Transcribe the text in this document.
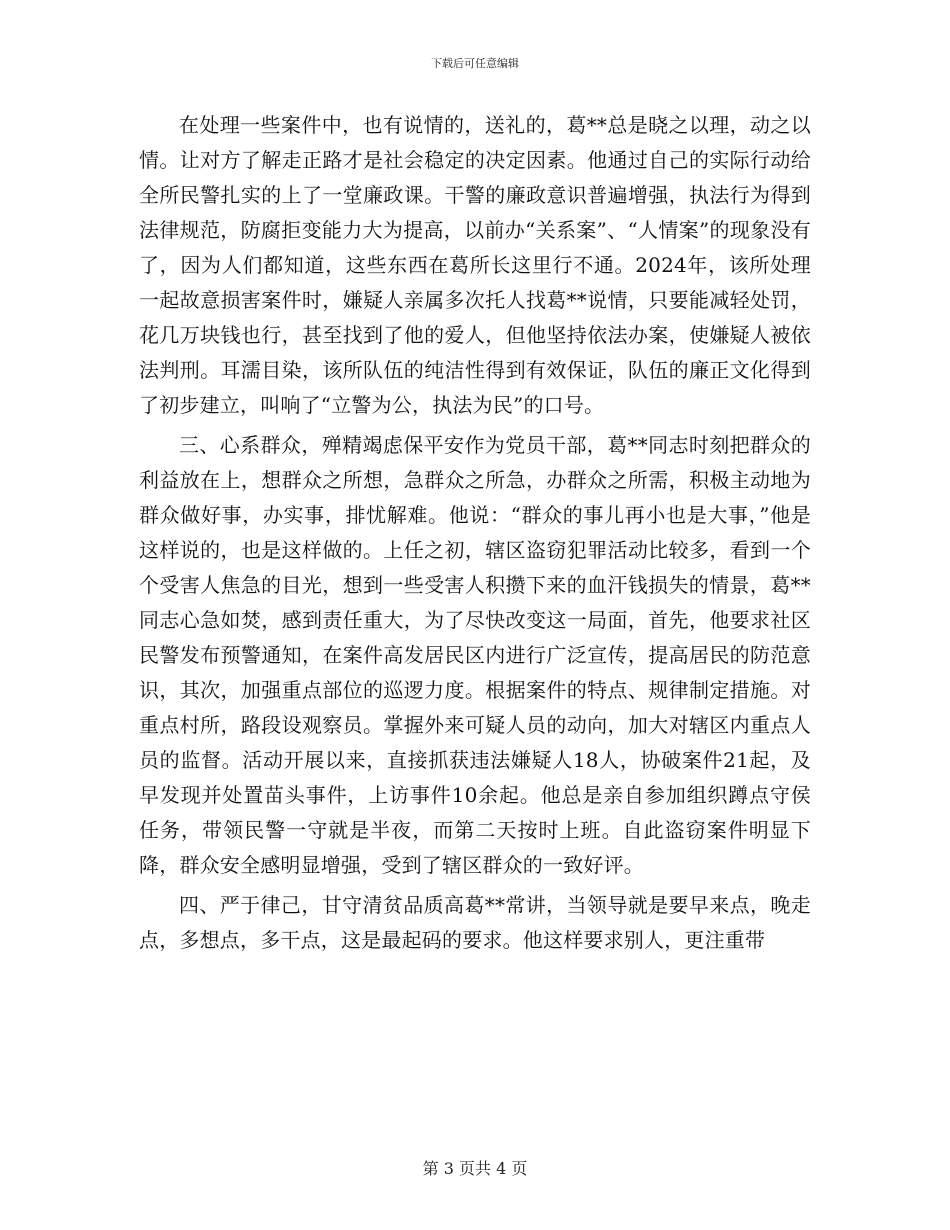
下载后可任意编辑

在处理一些案件中，也有说情的，送礼的，葛**总是晓之以理，动之以情。让对方了解走正路才是社会稳定的决定因素。他通过自己的实际行动给全所民警扎实的上了一堂廉政课。干警的廉政意识普遍增强，执法行为得到法律规范，防腐拒变能力大为提高，以前办“关系案”、“人情案”的现象没有了，因为人们都知道，这些东西在葛所长这里行不通。2024年，该所处理一起故意损害案件时，嫌疑人亲属多次托人找葛**说情，只要能减轻处罚，花几万块钱也行，甚至找到了他的爱人，但他坚持依法办案，使嫌疑人被依法判刑。耳濡目染，该所队伍的纯洁性得到有效保证，队伍的廉正文化得到了初步建立，叫响了“立警为公，执法为民”的口号。

三、心系群众，殚精竭虑保平安作为党员干部，葛**同志时刻把群众的利益放在上，想群众之所想，急群众之所急，办群众之所需，积极主动地为群众做好事，办实事，排忧解难。他说：“群众的事儿再小也是大事，”他是这样说的，也是这样做的。上任之初，辖区盗窃犯罪活动比较多，看到一个个受害人焦急的目光，想到一些受害人积攒下来的血汗钱损失的情景，葛**同志心急如焚，感到责任重大，为了尽快改变这一局面，首先，他要求社区民警发布预警通知，在案件高发居民区内进行广泛宣传，提高居民的防范意识，其次，加强重点部位的巡逻力度。根据案件的特点、规律制定措施。对重点村所，路段设观察员。掌握外来可疑人员的动向，加大对辖区内重点人员的监督。活动开展以来，直接抓获违法嫌疑人18人，协破案件21起，及早发现并处置苗头事件，上访事件10余起。他总是亲自参加组织蹲点守侯任务，带领民警一守就是半夜，而第二天按时上班。自此盗窃案件明显下降，群众安全感明显增强，受到了辖区群众的一致好评。

四、严于律己，甘守清贫品质高葛**常讲，当领导就是要早来点，晚走点，多想点，多干点，这是最起码的要求。他这样要求别人，更注重带

第 3 页共 4 页
